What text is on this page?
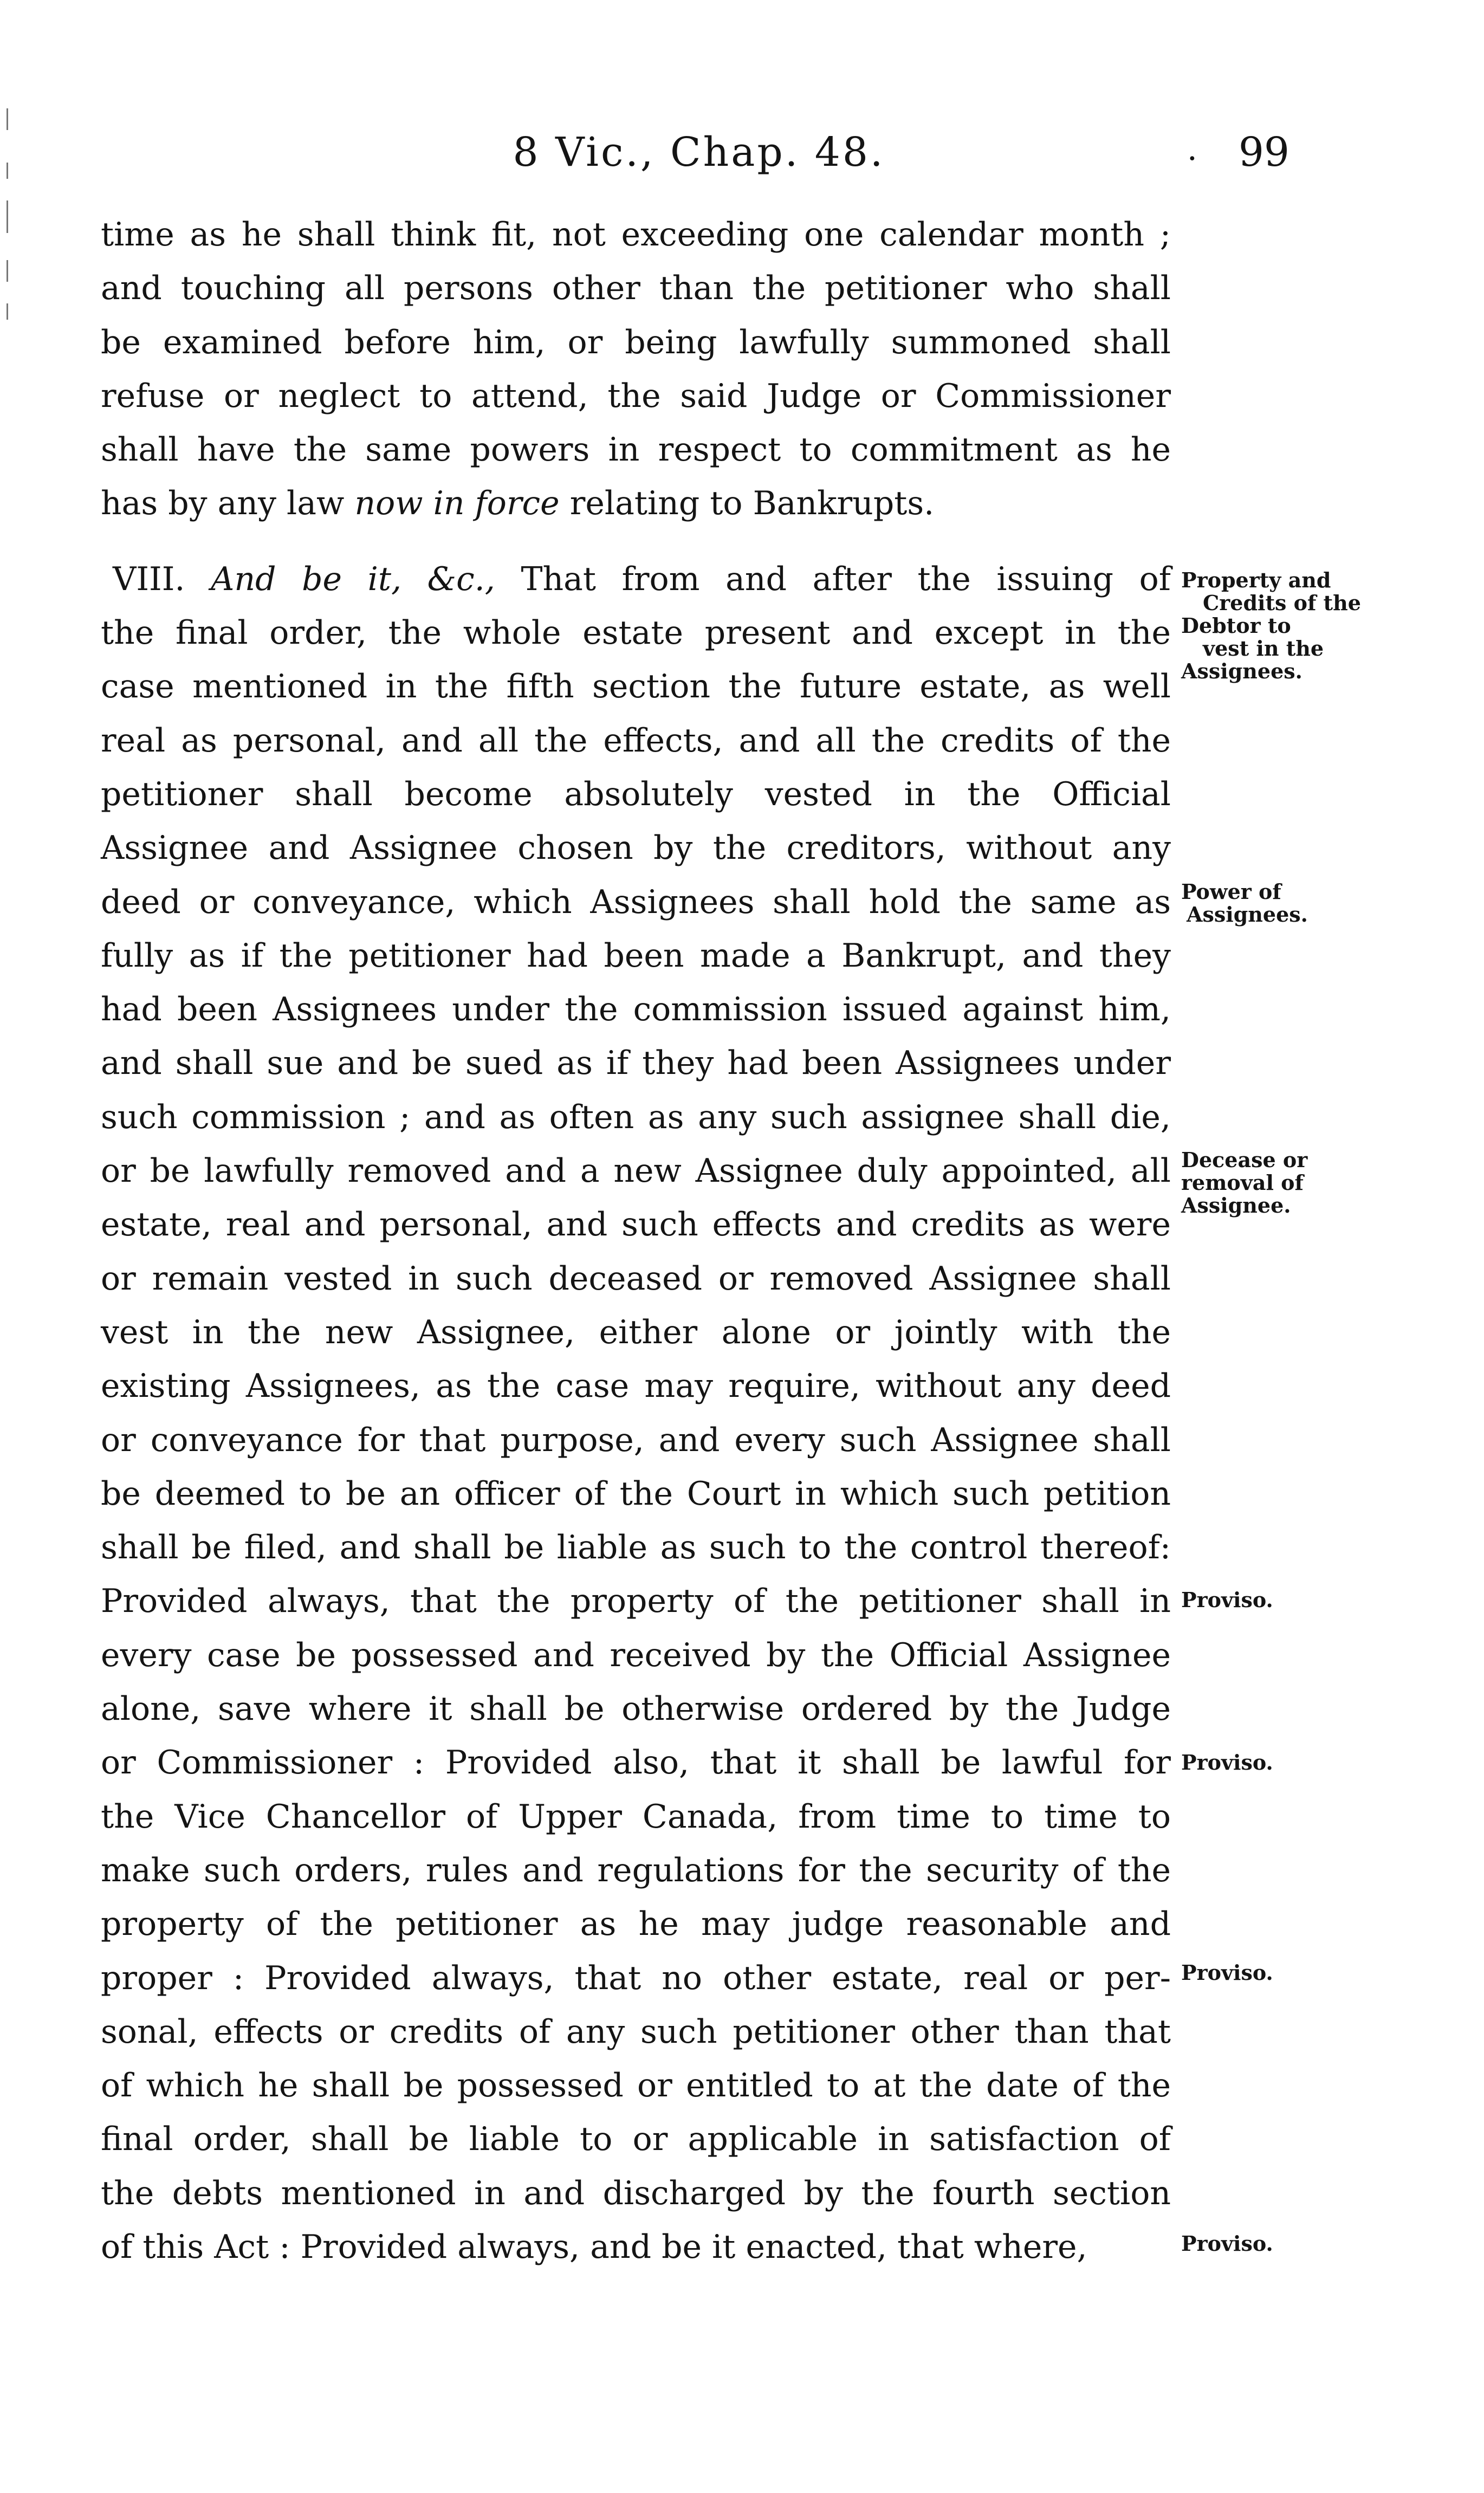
8 Vic., Chap. 48.	· 99
time as he shall think fit, not exceeding one calendar month ;
and touching all persons other than the petitioner who shall
be examined before him, or being lawfully summoned shall
refuse or neglect to attend, the said Judge or Commissioner
shall have the same powers in respect to commitment as he
has by any law now in force relating to Bankrupts.
VIII. And be it, &c., That from and after the issuing of
the final order, the whole estate present and except in the
case mentioned in the fifth section the future estate, as well
real as personal, and all the effects, and all the credits of the
petitioner shall become absolutely vested in the Official
Assignee and Assignee chosen by the creditors, without any
deed or conveyance, which Assignees shall hold the same as
fully as if the petitioner had been made a Bankrupt, and they
had been Assignees under the commission issued against him,
and shall sue and be sued as if they had been Assignees under
such commission ; and as often as any such assignee shall die,
or be lawfully removed and a new Assignee duly appointed, all
estate, real and personal, and such effects and credits as were
or remain vested in such deceased or removed Assignee shall
vest in the new Assignee, either alone or jointly with the
existing Assignees, as the case may require, without any deed
or conveyance for that purpose, and every such Assignee shall
be deemed to be an officer of the Court in which such petition
shall be filed, and shall be liable as such to the control thereof:
Provided always, that the property of the petitioner shall in
every case be possessed and received by the Official Assignee
alone, save where it shall be otherwise ordered by the Judge
or Commissioner : Provided also, that it shall be lawful for
the Vice Chancellor of Upper Canada, from time to time to
make such orders, rules and regulations for the security of the
property of the petitioner as he may judge reasonable and
proper : Provided always, that no other estate, real or per-
sonal, effects or credits of any such petitioner other than that
of which he shall be possessed or entitled to at the date of the
final order, shall be liable to or applicable in satisfaction of
the debts mentioned in and discharged by the fourth section
of this Act : Provided always, and be it enacted, that where,
Property and
Credits of the
Debtor to
vest in the
Assignees.
Power of
Assignees.
Decease or
removal of
Assignee.
Proviso.
Proviso.
Proviso.
Proviso.
